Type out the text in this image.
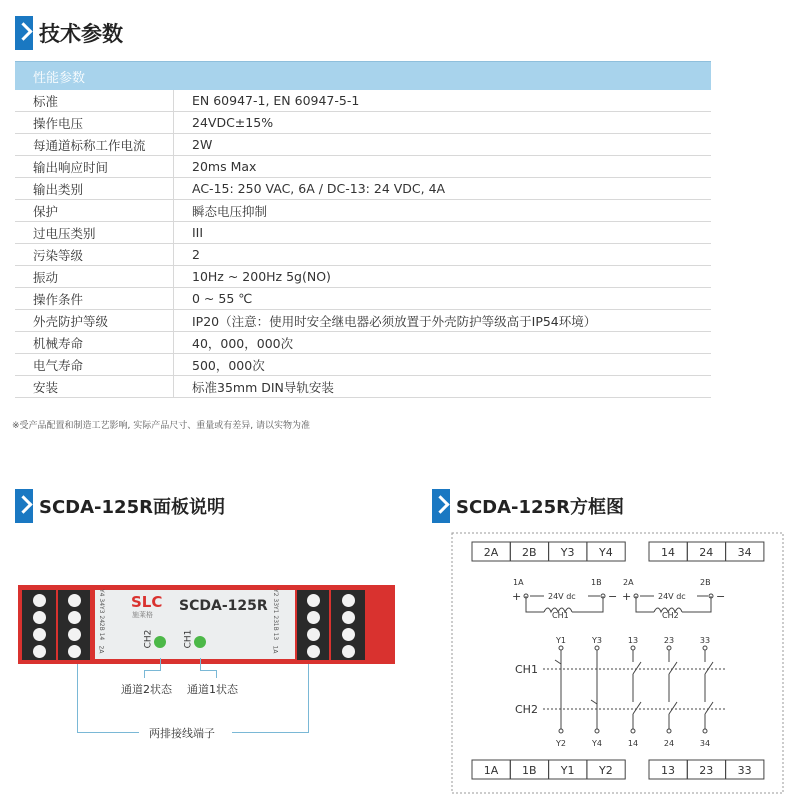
技术参数
性能参数	
标准	EN 60947-1, EN 60947-5-1
操作电压	24VDC±15%
每通道标称工作电流	2W
输出响应时间	20ms Max
输出类别	AC-15: 250 VAC, 6A / DC-13: 24 VDC, 4A
保护	瞬态电压抑制
过电压类别	III
污染等级	2
振动	10Hz ~ 200Hz 5g(NO)
操作条件	0 ~ 55 ℃
外壳防护等级	IP20（注意：使用时安全继电器必须放置于外壳防护等级高于IP54环境）
机械寿命	40，000，000次
电气寿命	500，000次
安装	标准35mm DIN导轨安装
※受产品配置和制造工艺影响, 实际产品尺寸、重量或有差异, 请以实物为准
SCDA-125R面板说明	SCDA-125R方框图
Y4 34
Y3 24
2B 14
2A
Y2 33
Y1 23
1B 13
1A
SLC
施莱格
SCDA-125R
CH2	CH1
通道2状态 通道1状态
两排接线端子
2A 2B Y3 Y4	14 24 34
1A 1B Y1 Y2	13 23 33
Y1
Y2
Y3
Y4
13
14
23
24
33
34
1A	1B	2A	2B
24V dc	24V dc
CH1	CH2
+	− +	−
CH1
CH2
